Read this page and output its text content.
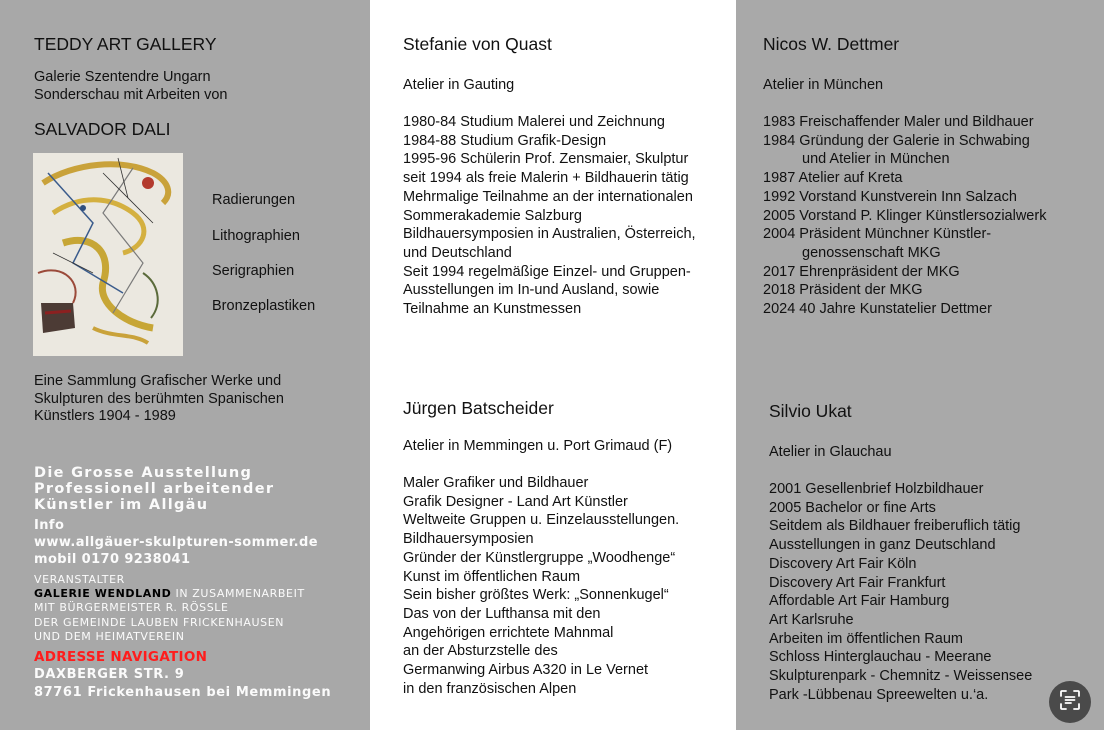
TEDDY ART GALLERY
Galerie Szentendre Ungarn
Sonderschau mit Arbeiten von
SALVADOR DALI
Radierungen
Lithographien
Serigraphien
Bronzeplastiken
Eine Sammlung Grafischer Werke und
Skulpturen des berühmten Spanischen
Künstlers 1904 - 1989
Die Grosse Ausstellung
Professionell arbeitender
Künstler im Allgäu
Info
www.allgäuer-skulpturen-sommer.de
mobil 0170 9238041
VERANSTALTER
GALERIE WENDLAND IN ZUSAMMENARBEIT
MIT BÜRGERMEISTER R. RÖSSLE
DER GEMEINDE LAUBEN FRICKENHAUSEN
UND DEM HEIMATVEREIN
ADRESSE NAVIGATION
DAXBERGER STR. 9
87761 Frickenhausen bei Memmingen
Stefanie von Quast
Atelier in Gauting
1980-84 Studium Malerei und Zeichnung
1984-88 Studium Grafik-Design
1995-96 Schülerin Prof. Zensmaier, Skulptur
seit 1994 als freie Malerin + Bildhauerin tätig
Mehrmalige Teilnahme an der internationalen
Sommerakademie Salzburg
Bildhauersymposien in Australien, Österreich,
und Deutschland
Seit 1994 regelmäßige Einzel- und Gruppen-
Ausstellungen im In-und Ausland, sowie
Teilnahme an Kunstmessen
Jürgen Batscheider
Atelier in Memmingen u. Port Grimaud (F)
Maler Grafiker und Bildhauer
Grafik Designer - Land Art Künstler
Weltweite Gruppen u. Einzelausstellungen.
Bildhauersymposien
Gründer der Künstlergruppe „Woodhenge“
Kunst im öffentlichen Raum
Sein bisher größtes Werk: „Sonnenkugel“
Das von der Lufthansa mit den
Angehörigen errichtete Mahnmal
an der Absturzstelle des
Germanwing Airbus A320 in Le Vernet
in den französischen Alpen
Nicos W. Dettmer
Atelier in München
1983 Freischaffender Maler und Bildhauer
1984 Gründung der Galerie in Schwabing
und Atelier in München
1987 Atelier auf Kreta
1992 Vorstand Kunstverein Inn Salzach
2005 Vorstand P. Klinger Künstlersozialwerk
2004 Präsident Münchner Künstler-
genossenschaft MKG
2017 Ehrenpräsident der MKG
2018 Präsident der MKG
2024 40 Jahre Kunstatelier Dettmer
Silvio Ukat
Atelier in Glauchau
2001 Gesellenbrief Holzbildhauer
2005 Bachelor or fine Arts
Seitdem als Bildhauer freiberuflich tätig
Ausstellungen in ganz Deutschland
Discovery Art Fair Köln
Discovery Art Fair Frankfurt
Affordable Art Fair Hamburg
Art Karlsruhe
Arbeiten im öffentlichen Raum
Schloss Hinterglauchau - Meerane
Skulpturenpark - Chemnitz - Weissensee
Park -Lübbenau Spreewelten u.‘a.
